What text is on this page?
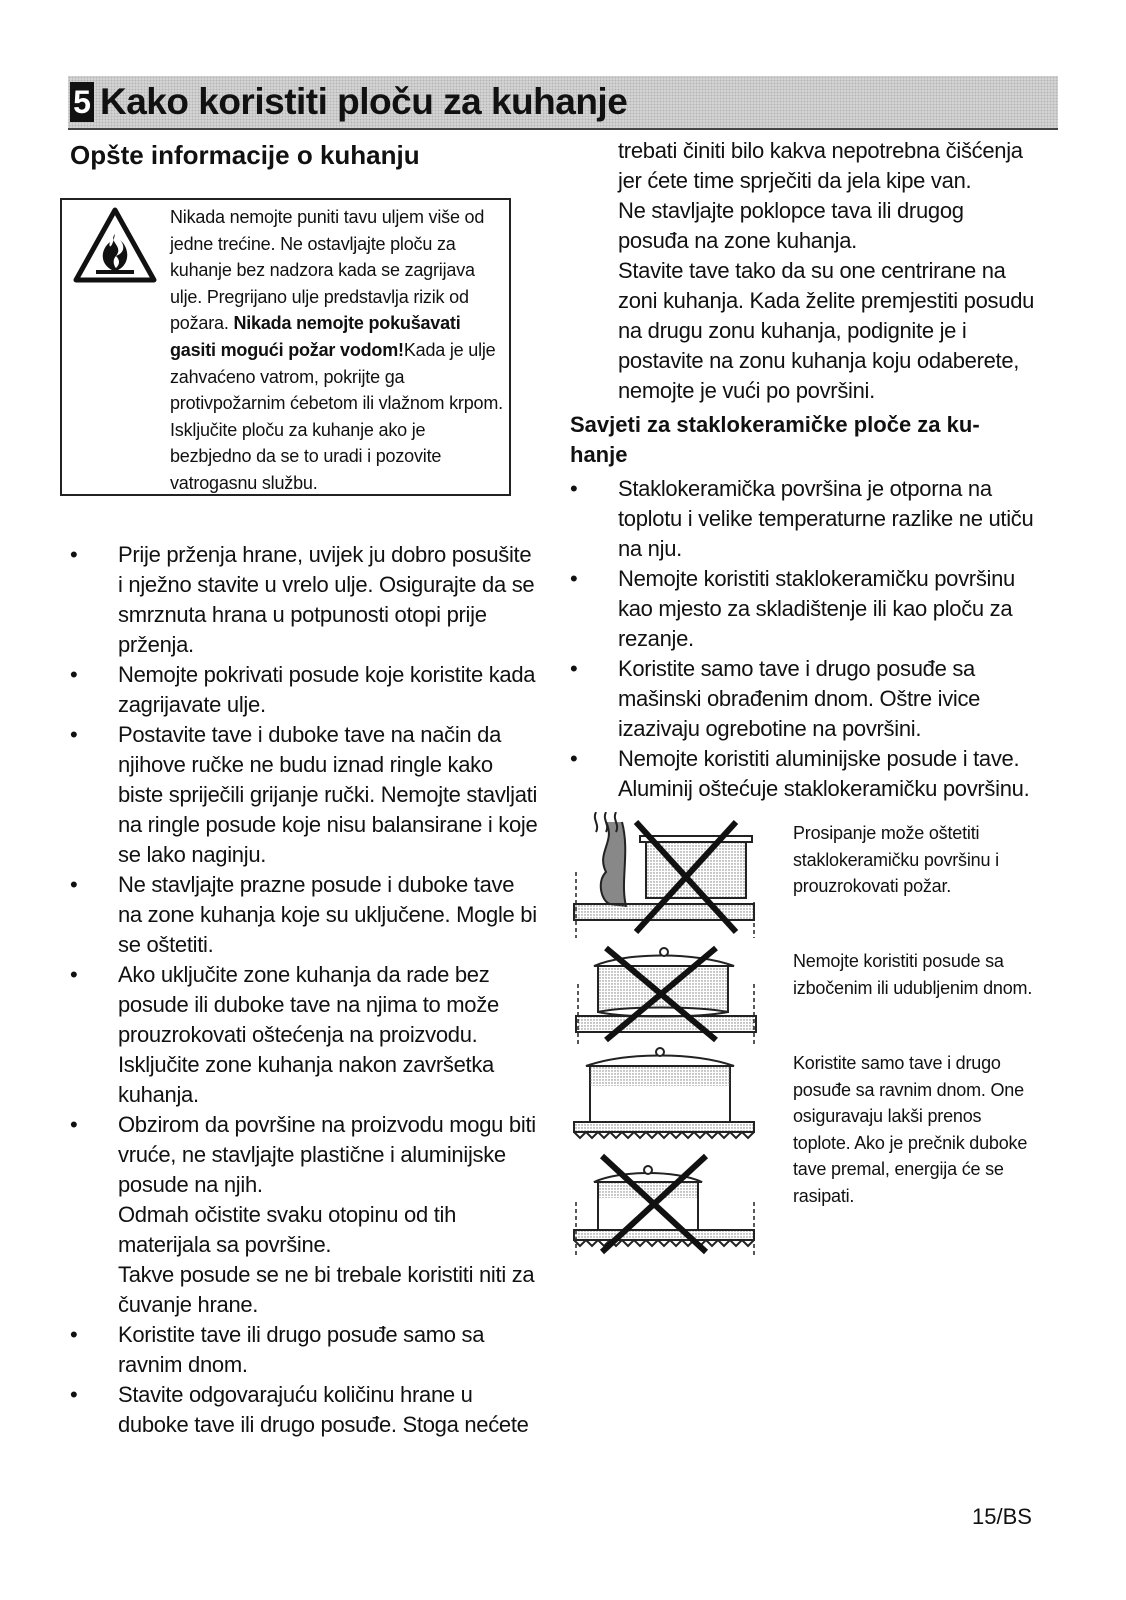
5 Kako koristiti ploču za kuhanje
Opšte informacije o kuhanju
Nikada nemojte puniti tavu uljem više od jedne trećine. Ne ostavljajte ploču za kuhanje bez nadzora kada se zagrijava ulje. Pregrijano ulje predstavlja rizik od požara. Nikada nemojte pokušavati gasiti mogući požar vodom!Kada je ulje zahvaćeno vatrom, pokrijte ga protivpožarnim ćebetom ili vlažnom krpom. Isključite ploču za kuhanje ako je bezbjedno da se to uradi i pozovite vatrogasnu službu.
• Prije prženja hrane, uvijek ju dobro posušite i nježno stavite u vrelo ulje. Osigurajte da se smrznuta hrana u potpunosti otopi prije prženja.
• Nemojte pokrivati posude koje koristite kada zagrijavate ulje.
• Postavite tave i duboke tave na način da njihove ručke ne budu iznad ringle kako biste spriječili grijanje ručki. Nemojte stavljati na ringle posude koje nisu balansirane i koje se lako naginju.
• Ne stavljajte prazne posude i duboke tave na zone kuhanja koje su uključene. Mogle bi se oštetiti.
• Ako uključite zone kuhanja da rade bez posude ili duboke tave na njima to može prouzrokovati oštećenja na proizvodu. Isključite zone kuhanja nakon završetka kuhanja.
• Obzirom da površine na proizvodu mogu biti vruće, ne stavljajte plastične i aluminijske posude na njih.
Odmah očistite svaku otopinu od tih materijala sa površine.
Takve posude se ne bi trebale koristiti niti za čuvanje hrane.
• Koristite tave ili drugo posuđe samo sa ravnim dnom.
• Stavite odgovarajuću količinu hrane u duboke tave ili drugo posuđe. Stoga nećete

trebati činiti bilo kakva nepotrebna čišćenja jer ćete time sprječiti da jela kipe van.

Ne stavljajte poklopce tava ili drugog posuđa na zone kuhanja.

Stavite tave tako da su one centrirane na zoni kuhanja. Kada želite premjestiti posudu na drugu zonu kuhanja, podignite je i postavite na zonu kuhanja koju odaberete, nemojte je vući po površini.

Savjeti za staklokeramičke ploče za ku-hanje
• Staklokeramička površina je otporna na toplotu i velike temperaturne razlike ne utiču na nju.
• Nemojte koristiti staklokeramičku površinu kao mjesto za skladištenje ili kao ploču za rezanje.
• Koristite samo tave i drugo posuđe sa mašinski obrađenim dnom. Oštre ivice izazivaju ogrebotine na površini.
• Nemojte koristiti aluminijske posude i tave. Aluminij oštećuje staklokeramičku površinu.
Prosipanje može oštetiti staklokeramičku površinu i prouzrokovati požar.
Nemojte koristiti posude sa izbočenim ili udubljenim dnom.
Koristite samo tave i drugo posuđe sa ravnim dnom. One osiguravaju lakši prenos toplote. Ako je prečnik duboke tave premal, energija će se rasipati.
15/BS
